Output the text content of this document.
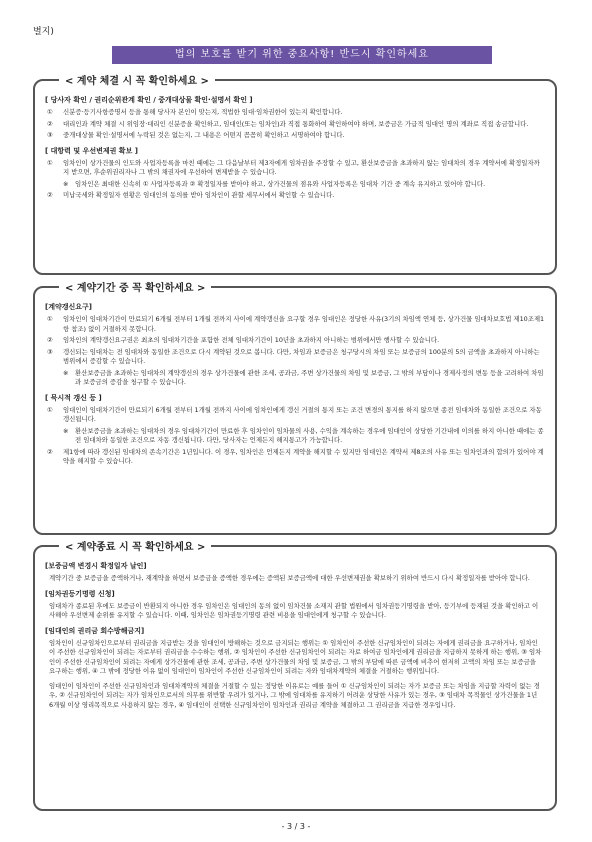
별지)
법의 보호를 받기 위한 중요사항! 반드시 확인하세요
< 계약 체결 시 꼭 확인하세요 >
[ 당사자 확인 / 권리순위관계 확인 / 중개대상물 확인·설명서 확인 ]
① 신분증·등기사항증명서 등을 통해 당사자 본인이 맞는지, 적법한 임대·임차권한이 있는지 확인합니다.
② 대리인과 계약 체결 시 위임장·대리인 신분증을 확인하고, 임대인(또는 임차인)과 직접 통화하여 확인하여야 하며, 보증금은 가급적 임대인 명의 계좌로 직접 송금합니다.
③ 중개대상물 확인·설명서에 누락된 것은 없는지, 그 내용은 어떤지 꼼꼼히 확인하고 서명하여야 합니다.
[ 대항력 및 우선변제권 확보 ]
① 임차인이 상가건물의 인도와 사업자등록을 마친 때에는 그 다음날부터 제3자에게 임차권을 주장할 수 있고, 환산보증금을 초과하지 않는 임대차의 경우 계약서에 확정일자까지 받으면, 후순위권리자나 그 밖의 채권자에 우선하여 변제받을 수 있습니다.
※ 임차인은 최대한 신속히 ① 사업자등록과 ② 확정일자를 받아야 하고, 상가건물의 점유와 사업자등록은 임대차 기간 중 계속 유지하고 있어야 합니다.
② 미납국세와 확정일자 현황은 임대인의 동의를 받아 임차인이 관할 세무서에서 확인할 수 있습니다.
< 계약기간 중 꼭 확인하세요 >
[계약갱신요구]
① 임차인이 임대차기간이 만료되기 6개월 전부터 1개월 전까지 사이에 계약갱신을 요구할 경우 임대인은 정당한 사유(3기의 차임액 연체 등, 상가건물 임대차보호법 제10조제1항 참조) 없이 거절하지 못합니다.
② 임차인의 계약갱신요구권은 최초의 임대차기간을 포함한 전체 임대차기간이 10년을 초과하지 아니하는 범위에서만 행사할 수 있습니다.
③ 갱신되는 임대차는 전 임대차와 동일한 조건으로 다시 계약된 것으로 봅니다. 다만, 차임과 보증금은 청구당시의 차임 또는 보증금의 100분의 5의 금액을 초과하지 아니하는 범위에서 증감할 수 있습니다.
※ 환산보증금을 초과하는 임대차의 계약갱신의 경우 상가건물에 관한 조세, 공과금, 주변 상가건물의 차임 및 보증금, 그 밖의 부담이나 경제사정의 변동 등을 고려하여 차임과 보증금의 증감을 청구할 수 있습니다.
[ 묵시적 갱신 등 ]
① 임대인이 임대차기간이 만료되기 6개월 전부터 1개월 전까지 사이에 임차인에게 갱신 거절의 통지 또는 조건 변경의 통지를 하지 않으면 종전 임대차와 동일한 조건으로 자동 갱신됩니다.
※ 환산보증금을 초과하는 임대차의 경우 임대차기간이 만료한 후 임차인이 임차물의 사용, 수익을 계속하는 경우에 임대인이 상당한 기간내에 이의를 하지 아니한 때에는 종전 임대차와 동일한 조건으로 자동 갱신됩니다. 다만, 당사자는 언제든지 해지통고가 가능합니다.
② 제1항에 따라 갱신된 임대차의 존속기간은 1년입니다. 이 경우, 임차인은 언제든지 계약을 해지할 수 있지만 임대인은 계약서 제8조의 사유 또는 임차인과의 합의가 있어야 계약을 해지할 수 있습니다.
< 계약종료 시 꼭 확인하세요 >
[보증금액 변경시 확정일자 날인]
계약기간 중 보증금을 증액하거나, 재계약을 하면서 보증금을 증액한 경우에는 증액된 보증금액에 대한 우선변제권을 확보하기 위하여 반드시 다시 확정일자를 받아야 합니다.
[임차권등기명령 신청]
임대차가 종료된 후에도 보증금이 반환되지 아니한 경우 임차인은 임대인의 동의 없이 임차건물 소재지 관할 법원에서 임차권등기명령을 받아, 등기부에 등재된 것을 확인하고 이사해야 우선변제 순위를 유지할 수 있습니다. 이때, 임차인은 임차권등기명령 관련 비용을 임대인에게 청구할 수 있습니다.
[임대인의 권리금 회수방해금지]
임차인이 신규임차인으로부터 권리금을 지급받는 것을 임대인이 방해하는 것으로 금지되는 행위는 ① 임차인이 주선한 신규임차인이 되려는 자에게 권리금을 요구하거나, 임차인이 주선한 신규임차인이 되려는 자로부터 권리금을 수수하는 행위, ② 임차인이 주선한 신규임차인이 되려는 자로 하여금 임차인에게 권리금을 지급하지 못하게 하는 행위, ③ 임차인이 주선한 신규임차인이 되려는 자에게 상가건물에 관한 조세, 공과금, 주변 상가건물의 차임 및 보증금, 그 밖의 부담에 따른 금액에 비추어 현저히 고액의 차임 또는 보증금을 요구하는 행위, ④ 그 밖에 정당한 이유 없이 임대인이 임차인이 주선한 신규임차인이 되려는 자와 임대차계약의 체결을 거절하는 행위입니다.
임대인이 임차인이 주선한 신규임차인과 임대차계약의 체결을 거절할 수 있는 정당한 이유로는 예를 들어 ① 신규임차인이 되려는 자가 보증금 또는 차임을 지급할 자력이 없는 경우, ② 신규임차인이 되려는 자가 임차인으로서의 의무를 위반할 우려가 있거나, 그 밖에 임대차를 유지하기 어려운 상당한 사유가 있는 경우, ③ 임대차 목적물인 상가건물을 1년 6개월 이상 영리목적으로 사용하지 않는 경우, ④ 임대인이 선택한 신규임차인이 임차인과 권리금 계약을 체결하고 그 권리금을 지급한 경우입니다.
- 3 / 3 -
